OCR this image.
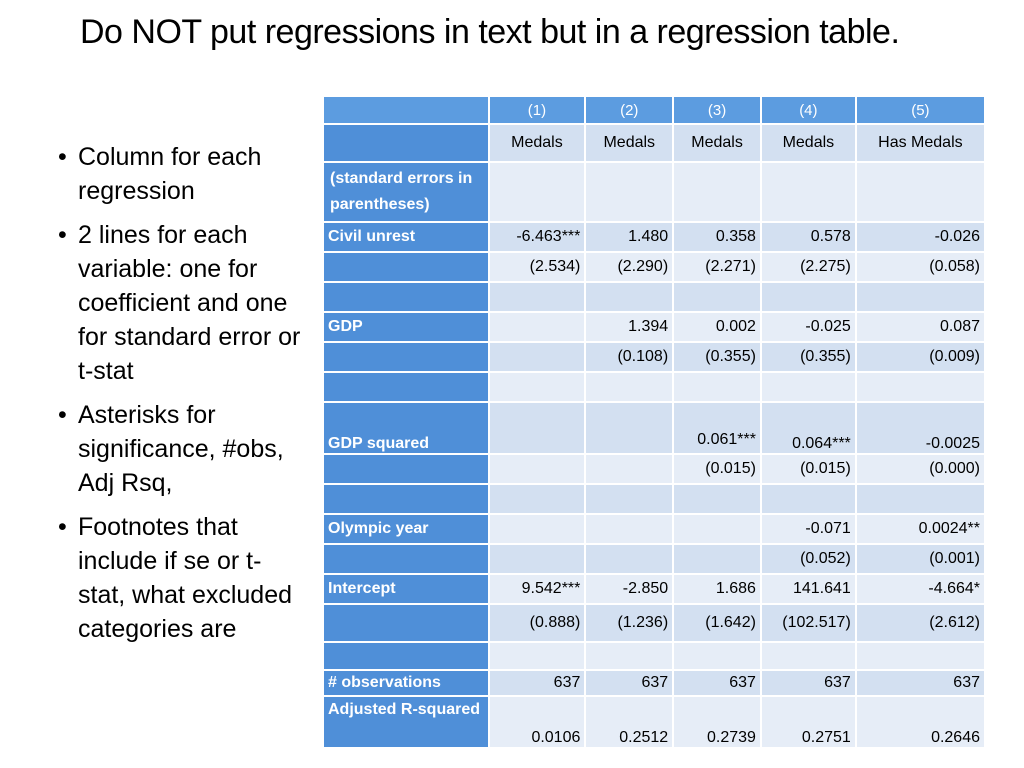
Do NOT put regressions in text but in a regression table.
• Column for each regression
• 2 lines for each variable: one for coefficient and one for standard error or t-stat
• Asterisks for significance, #obs, Adj Rsq,
• Footnotes that include if se or t-stat, what excluded categories are
	(1)	(2)	(3)	(4)	(5)
	Medals	Medals	Medals	Medals	Has Medals
(standard errors in parentheses)					
Civil unrest	-6.463***	1.480	0.358	0.578	-0.026
	(2.534)	(2.290)	(2.271)	(2.275)	(0.058)

GDP		1.394	0.002	-0.025	0.087
		(0.108)	(0.355)	(0.355)	(0.009)

GDP squared			0.061***	0.064***	-0.0025
			(0.015)	(0.015)	(0.000)

Olympic year				-0.071	0.0024**
				(0.052)	(0.001)
Intercept	9.542***	-2.850	1.686	141.641	-4.664*
	(0.888)	(1.236)	(1.642)	(102.517)	(2.612)

# observations	637	637	637	637	637
Adjusted R-squared	0.0106	0.2512	0.2739	0.2751	0.2646
